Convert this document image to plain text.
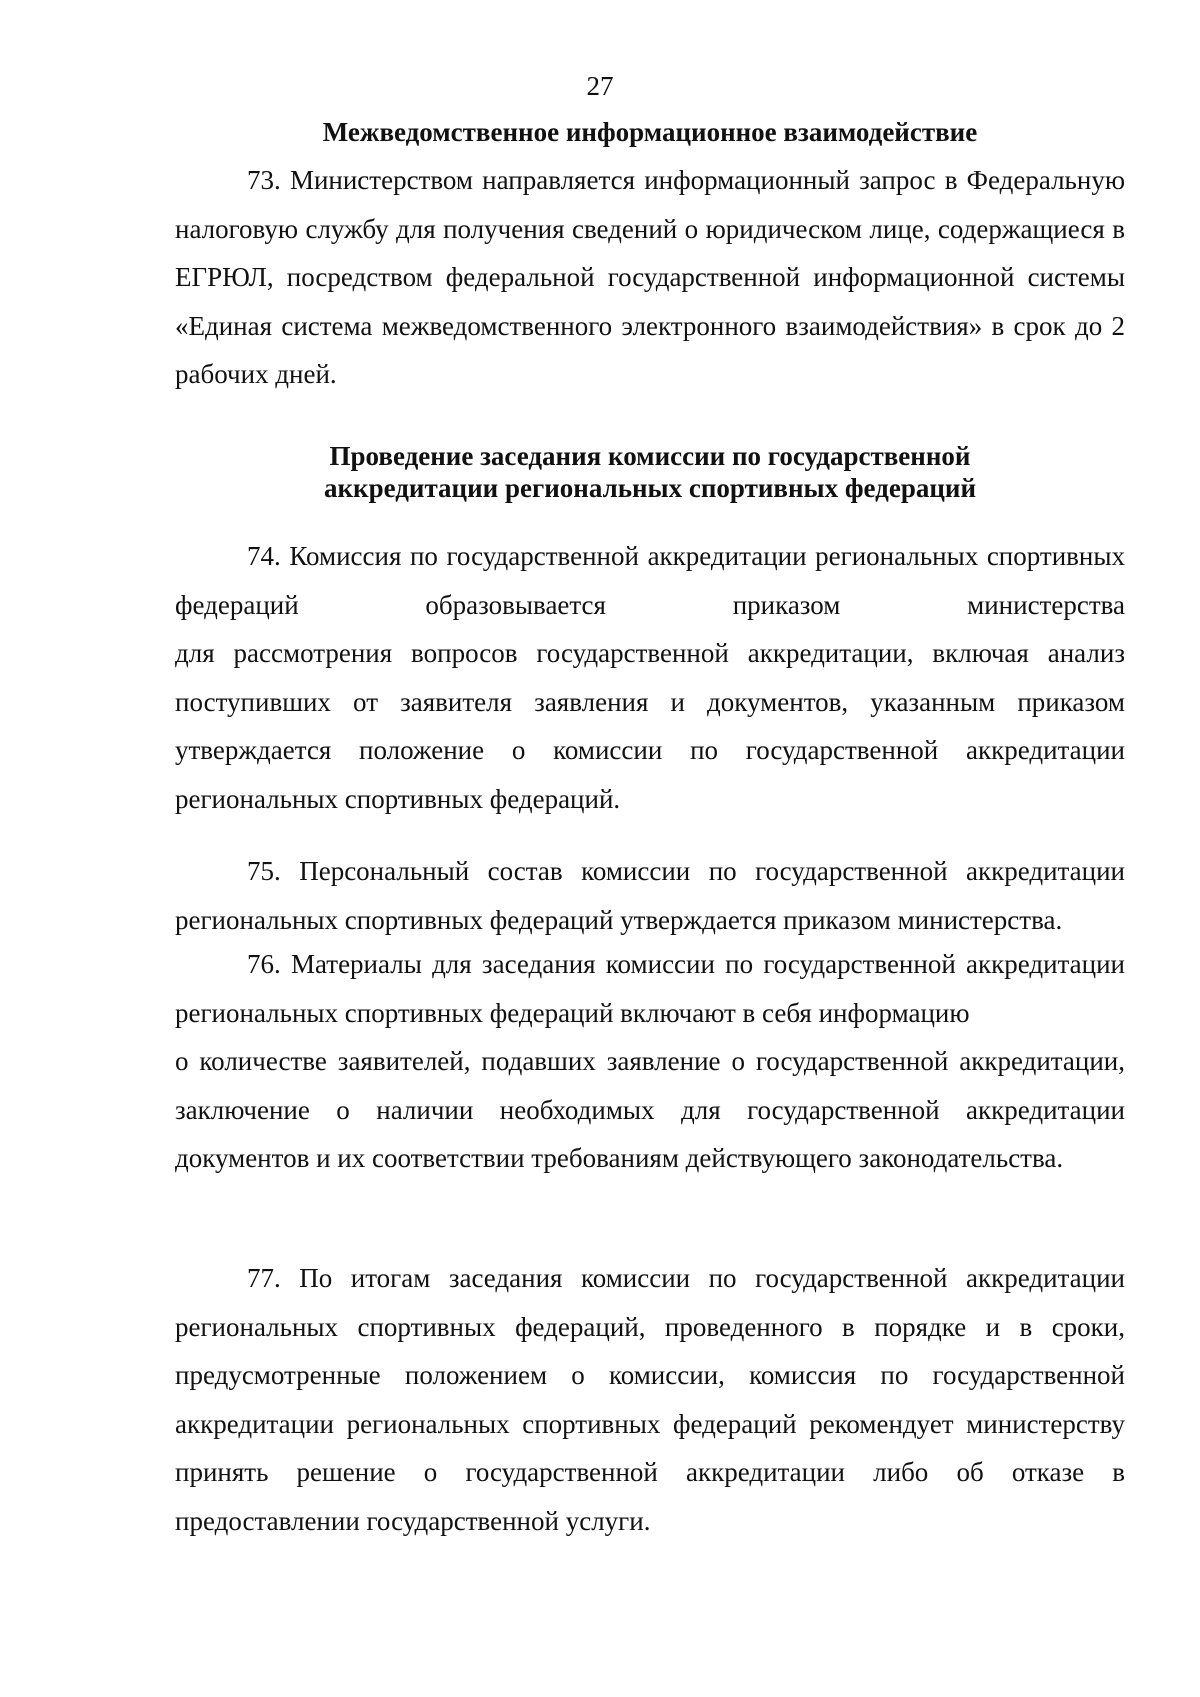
27
Межведомственное информационное взаимодействие

73. Министерством направляется информационный запрос в Федеральную налоговую службу для получения сведений о юридическом лице, содержащиеся в ЕГРЮЛ, посредством федеральной государственной информационной системы «Единая система межведомственного электронного взаимодействия» в срок до 2 рабочих дней.

Проведение заседания комиссии по государственной
аккредитации региональных спортивных федераций

74. Комиссия по государственной аккредитации региональных спортивных федераций образовывается приказом министерства
для рассмотрения вопросов государственной аккредитации, включая анализ поступивших от заявителя заявления и документов, указанным приказом утверждается положение о комиссии по государственной аккредитации региональных спортивных федераций.

75. Персональный состав комиссии по государственной аккредитации региональных спортивных федераций утверждается приказом министерства.

76. Материалы для заседания комиссии по государственной аккредитации региональных спортивных федераций включают в себя информацию
о количестве заявителей, подавших заявление о государственной аккредитации, заключение о наличии необходимых для государственной аккредитации документов и их соответствии требованиям действующего законодательства.

77. По итогам заседания комиссии по государственной аккредитации региональных спортивных федераций, проведенного в порядке и в сроки, предусмотренные положением о комиссии, комиссия по государственной аккредитации региональных спортивных федераций рекомендует министерству принять решение о государственной аккредитации либо об отказе в предоставлении государственной услуги.
